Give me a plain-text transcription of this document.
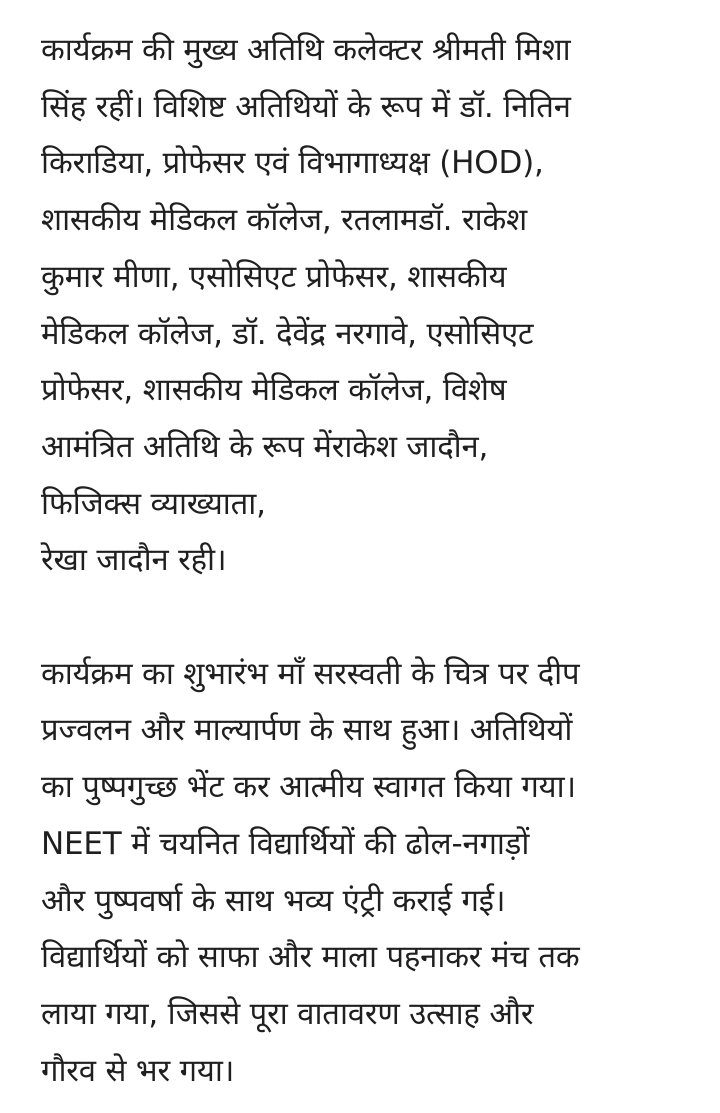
कार्यक्रम की मुख्य अतिथि कलेक्टर श्रीमती मिशा
सिंह रहीं। विशिष्ट अतिथियों के रूप में डॉ. नितिन
किराडिया, प्रोफेसर एवं विभागाध्यक्ष (HOD),
शासकीय मेडिकल कॉलेज, रतलामडॉ. राकेश
कुमार मीणा, एसोसिएट प्रोफेसर, शासकीय
मेडिकल कॉलेज, डॉ. देवेंद्र नरगावे, एसोसिएट
प्रोफेसर, शासकीय मेडिकल कॉलेज, विशेष
आमंत्रित अतिथि के रूप मेंराकेश जादौन,
फिजिक्स व्याख्याता,
रेखा जादौन रही।
कार्यक्रम का शुभारंभ माँ सरस्वती के चित्र पर दीप
प्रज्वलन और माल्यार्पण के साथ हुआ। अतिथियों
का पुष्पगुच्छ भेंट कर आत्मीय स्वागत किया गया।
NEET में चयनित विद्यार्थियों की ढोल-नगाड़ों
और पुष्पवर्षा के साथ भव्य एंट्री कराई गई।
विद्यार्थियों को साफा और माला पहनाकर मंच तक
लाया गया, जिससे पूरा वातावरण उत्साह और
गौरव से भर गया।
